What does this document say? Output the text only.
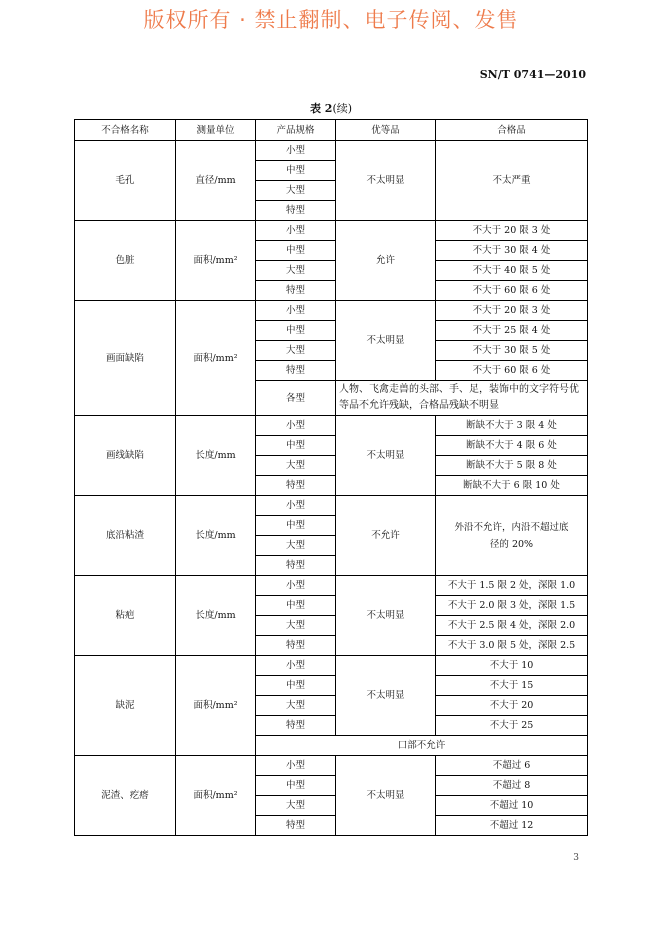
版权所有 · 禁止翻制、电子传阅、发售
SN/T 0741—2010
表 2(续)
不合格名称	测量单位	产品规格	优等品	合格品
毛孔	直径/mm	小型	不太明显	不太严重
		中型		
		大型		
		特型		
色脏	面积/mm²	小型	允许	不大于 20 限 3 处
		中型		不大于 30 限 4 处
		大型		不大于 40 限 5 处
		特型		不大于 60 限 6 处
画面缺陷	面积/mm²	小型	不太明显	不大于 20 限 3 处
		中型		不大于 25 限 4 处
		大型		不大于 30 限 5 处
		特型		不大于 60 限 6 处
		各型	人物、飞禽走兽的头部、手、足，装饰中的文字符号优等品不允许残缺，合格品残缺不明显	
画线缺陷	长度/mm	小型	不太明显	断缺不大于 3 限 4 处
		中型		断缺不大于 4 限 6 处
		大型		断缺不大于 5 限 8 处
		特型		断缺不大于 6 限 10 处
底沿粘渣	长度/mm	小型	不允许	外沿不允许，内沿不超过底径的 20%
		中型		
		大型		
		特型		
粘疤	长度/mm	小型	不太明显	不大于 1.5 限 2 处，深限 1.0
		中型		不大于 2.0 限 3 处，深限 1.5
		大型		不大于 2.5 限 4 处，深限 2.0
		特型		不大于 3.0 限 5 处，深限 2.5
缺泥	面积/mm²	小型	不太明显	不大于 10
		中型		不大于 15
		大型		不大于 20
		特型		不大于 25
		口部不允许		
泥渣、疙瘩	面积/mm²	小型	不太明显	不超过 6
		中型		不超过 8
		大型		不超过 10
		特型		不超过 12
3
